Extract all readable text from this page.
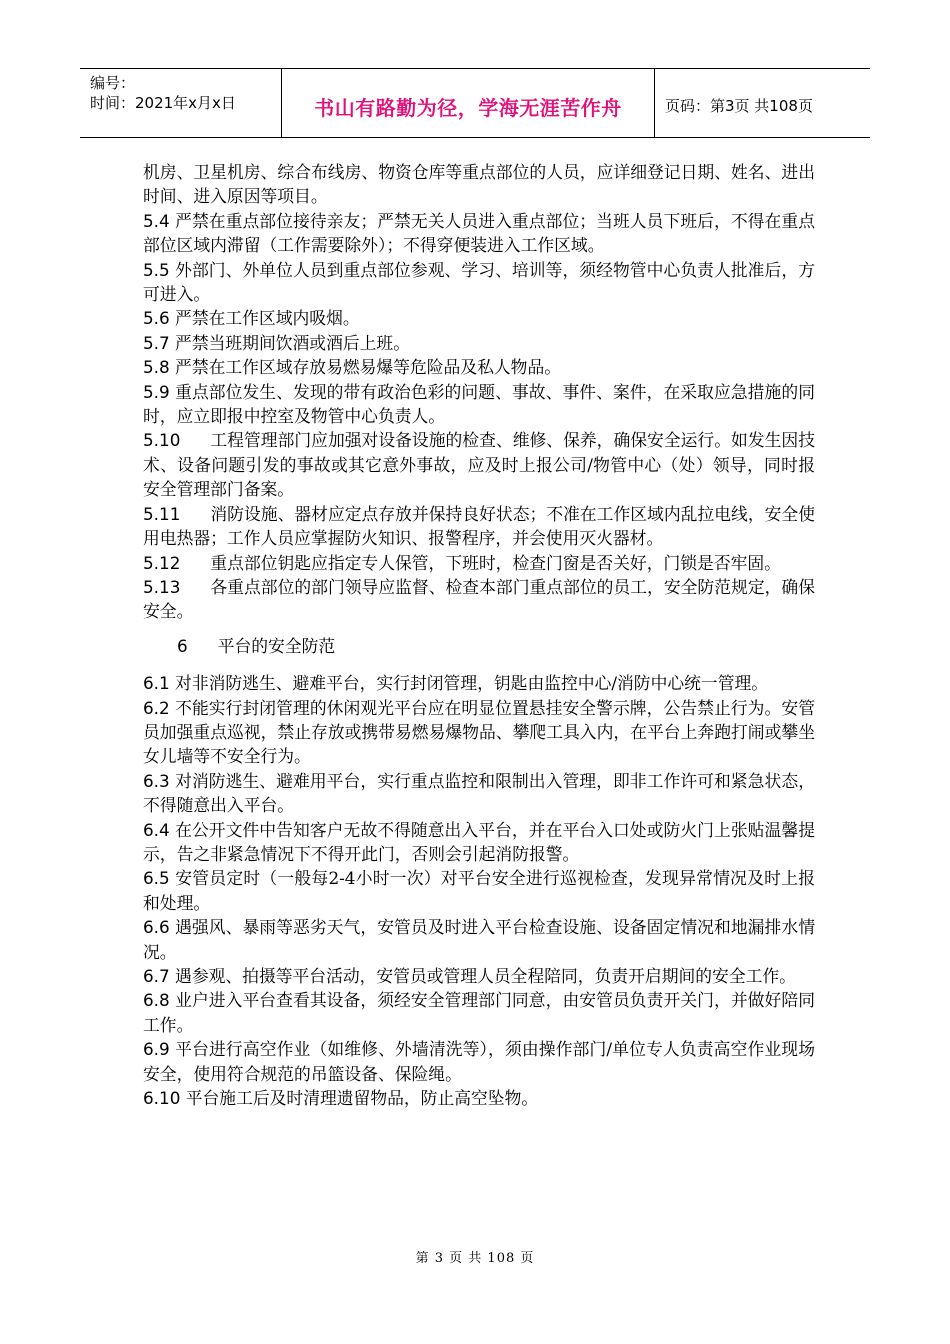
编号：
时间：2021年x月x日	书山有路勤为径，学海无涯苦作舟	页码：第3页 共108页
机房、卫星机房、综合布线房、物资仓库等重点部位的人员，应详细登记日期、姓名、进出时间、进入原因等项目。
5.4 严禁在重点部位接待亲友；严禁无关人员进入重点部位；当班人员下班后，不得在重点部位区域内滞留（工作需要除外）；不得穿便装进入工作区域。
5.5 外部门、外单位人员到重点部位参观、学习、培训等，须经物管中心负责人批准后，方可进入。
5.6 严禁在工作区域内吸烟。
5.7 严禁当班期间饮酒或酒后上班。
5.8 严禁在工作区域存放易燃易爆等危险品及私人物品。
5.9 重点部位发生、发现的带有政治色彩的问题、事故、事件、案件，在采取应急措施的同时，应立即报中控室及物管中心负责人。
5.10 工程管理部门应加强对设备设施的检查、维修、保养，确保安全运行。如发生因技术、设备问题引发的事故或其它意外事故，应及时上报公司/物管中心（处）领导，同时报安全管理部门备案。
5.11 消防设施、器材应定点存放并保持良好状态；不准在工作区域内乱拉电线，安全使用电热器；工作人员应掌握防火知识、报警程序，并会使用灭火器材。
5.12 重点部位钥匙应指定专人保管，下班时，检查门窗是否关好，门锁是否牢固。
5.13 各重点部位的部门领导应监督、检查本部门重点部位的员工，安全防范规定，确保安全。
6 平台的安全防范
6.1 对非消防逃生、避难平台，实行封闭管理，钥匙由监控中心/消防中心统一管理。
6.2 不能实行封闭管理的休闲观光平台应在明显位置悬挂安全警示牌，公告禁止行为。安管员加强重点巡视，禁止存放或携带易燃易爆物品、攀爬工具入内，在平台上奔跑打闹或攀坐女儿墙等不安全行为。
6.3 对消防逃生、避难用平台，实行重点监控和限制出入管理，即非工作许可和紧急状态，不得随意出入平台。
6.4 在公开文件中告知客户无故不得随意出入平台，并在平台入口处或防火门上张贴温馨提示，告之非紧急情况下不得开此门，否则会引起消防报警。
6.5 安管员定时（一般每2-4小时一次）对平台安全进行巡视检查，发现异常情况及时上报和处理。
6.6 遇强风、暴雨等恶劣天气，安管员及时进入平台检查设施、设备固定情况和地漏排水情况。
6.7 遇参观、拍摄等平台活动，安管员或管理人员全程陪同，负责开启期间的安全工作。
6.8 业户进入平台查看其设备，须经安全管理部门同意，由安管员负责开关门，并做好陪同工作。
6.9 平台进行高空作业（如维修、外墙清洗等），须由操作部门/单位专人负责高空作业现场安全，使用符合规范的吊篮设备、保险绳。
6.10 平台施工后及时清理遗留物品，防止高空坠物。
第 3 页 共 108 页
